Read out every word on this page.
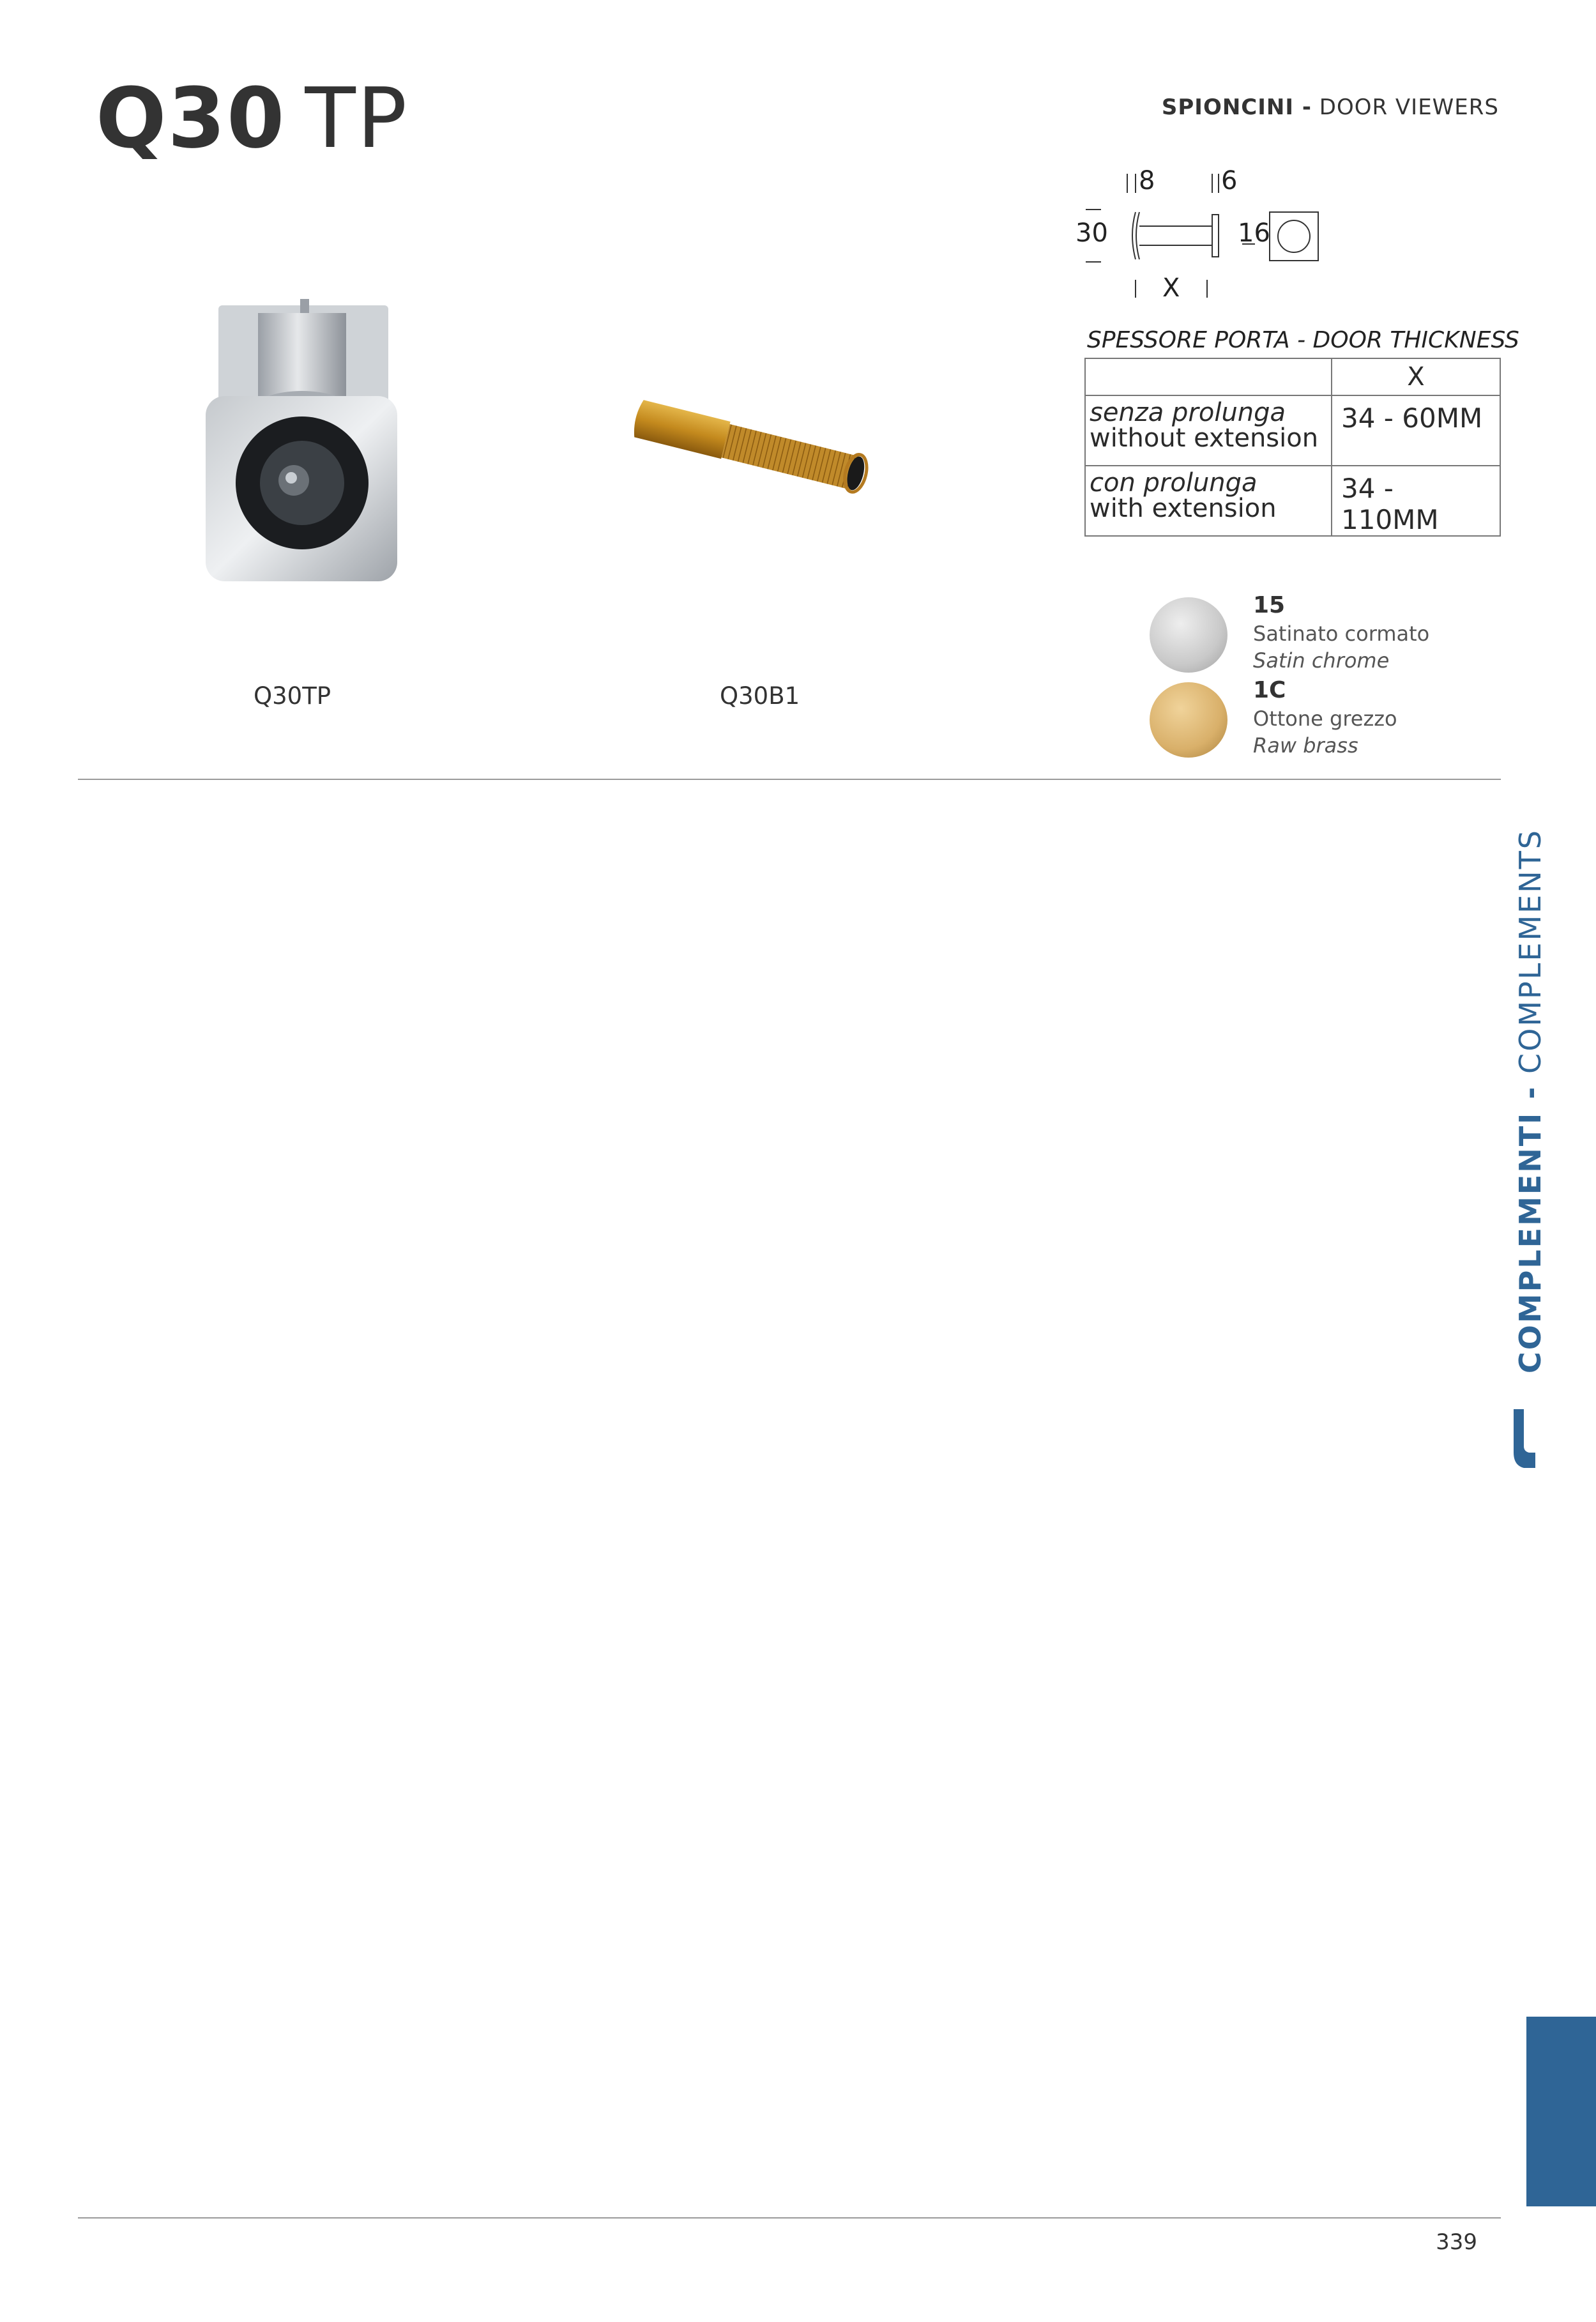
Q30 TP	SPIONCINI - DOOR VIEWERS
8	6
30	16
X
SPESSORE PORTA - DOOR THICKNESS
	X

senza prolunga
without extension	34 - 60MM

con prolunga
with extension	34 - 110MM
Q30TP	Q30B1
15
Satinato cormato
Satin chrome
1C
Ottone grezzo
Raw brass
COMPLEMENTI - COMPLEMENTS
339
